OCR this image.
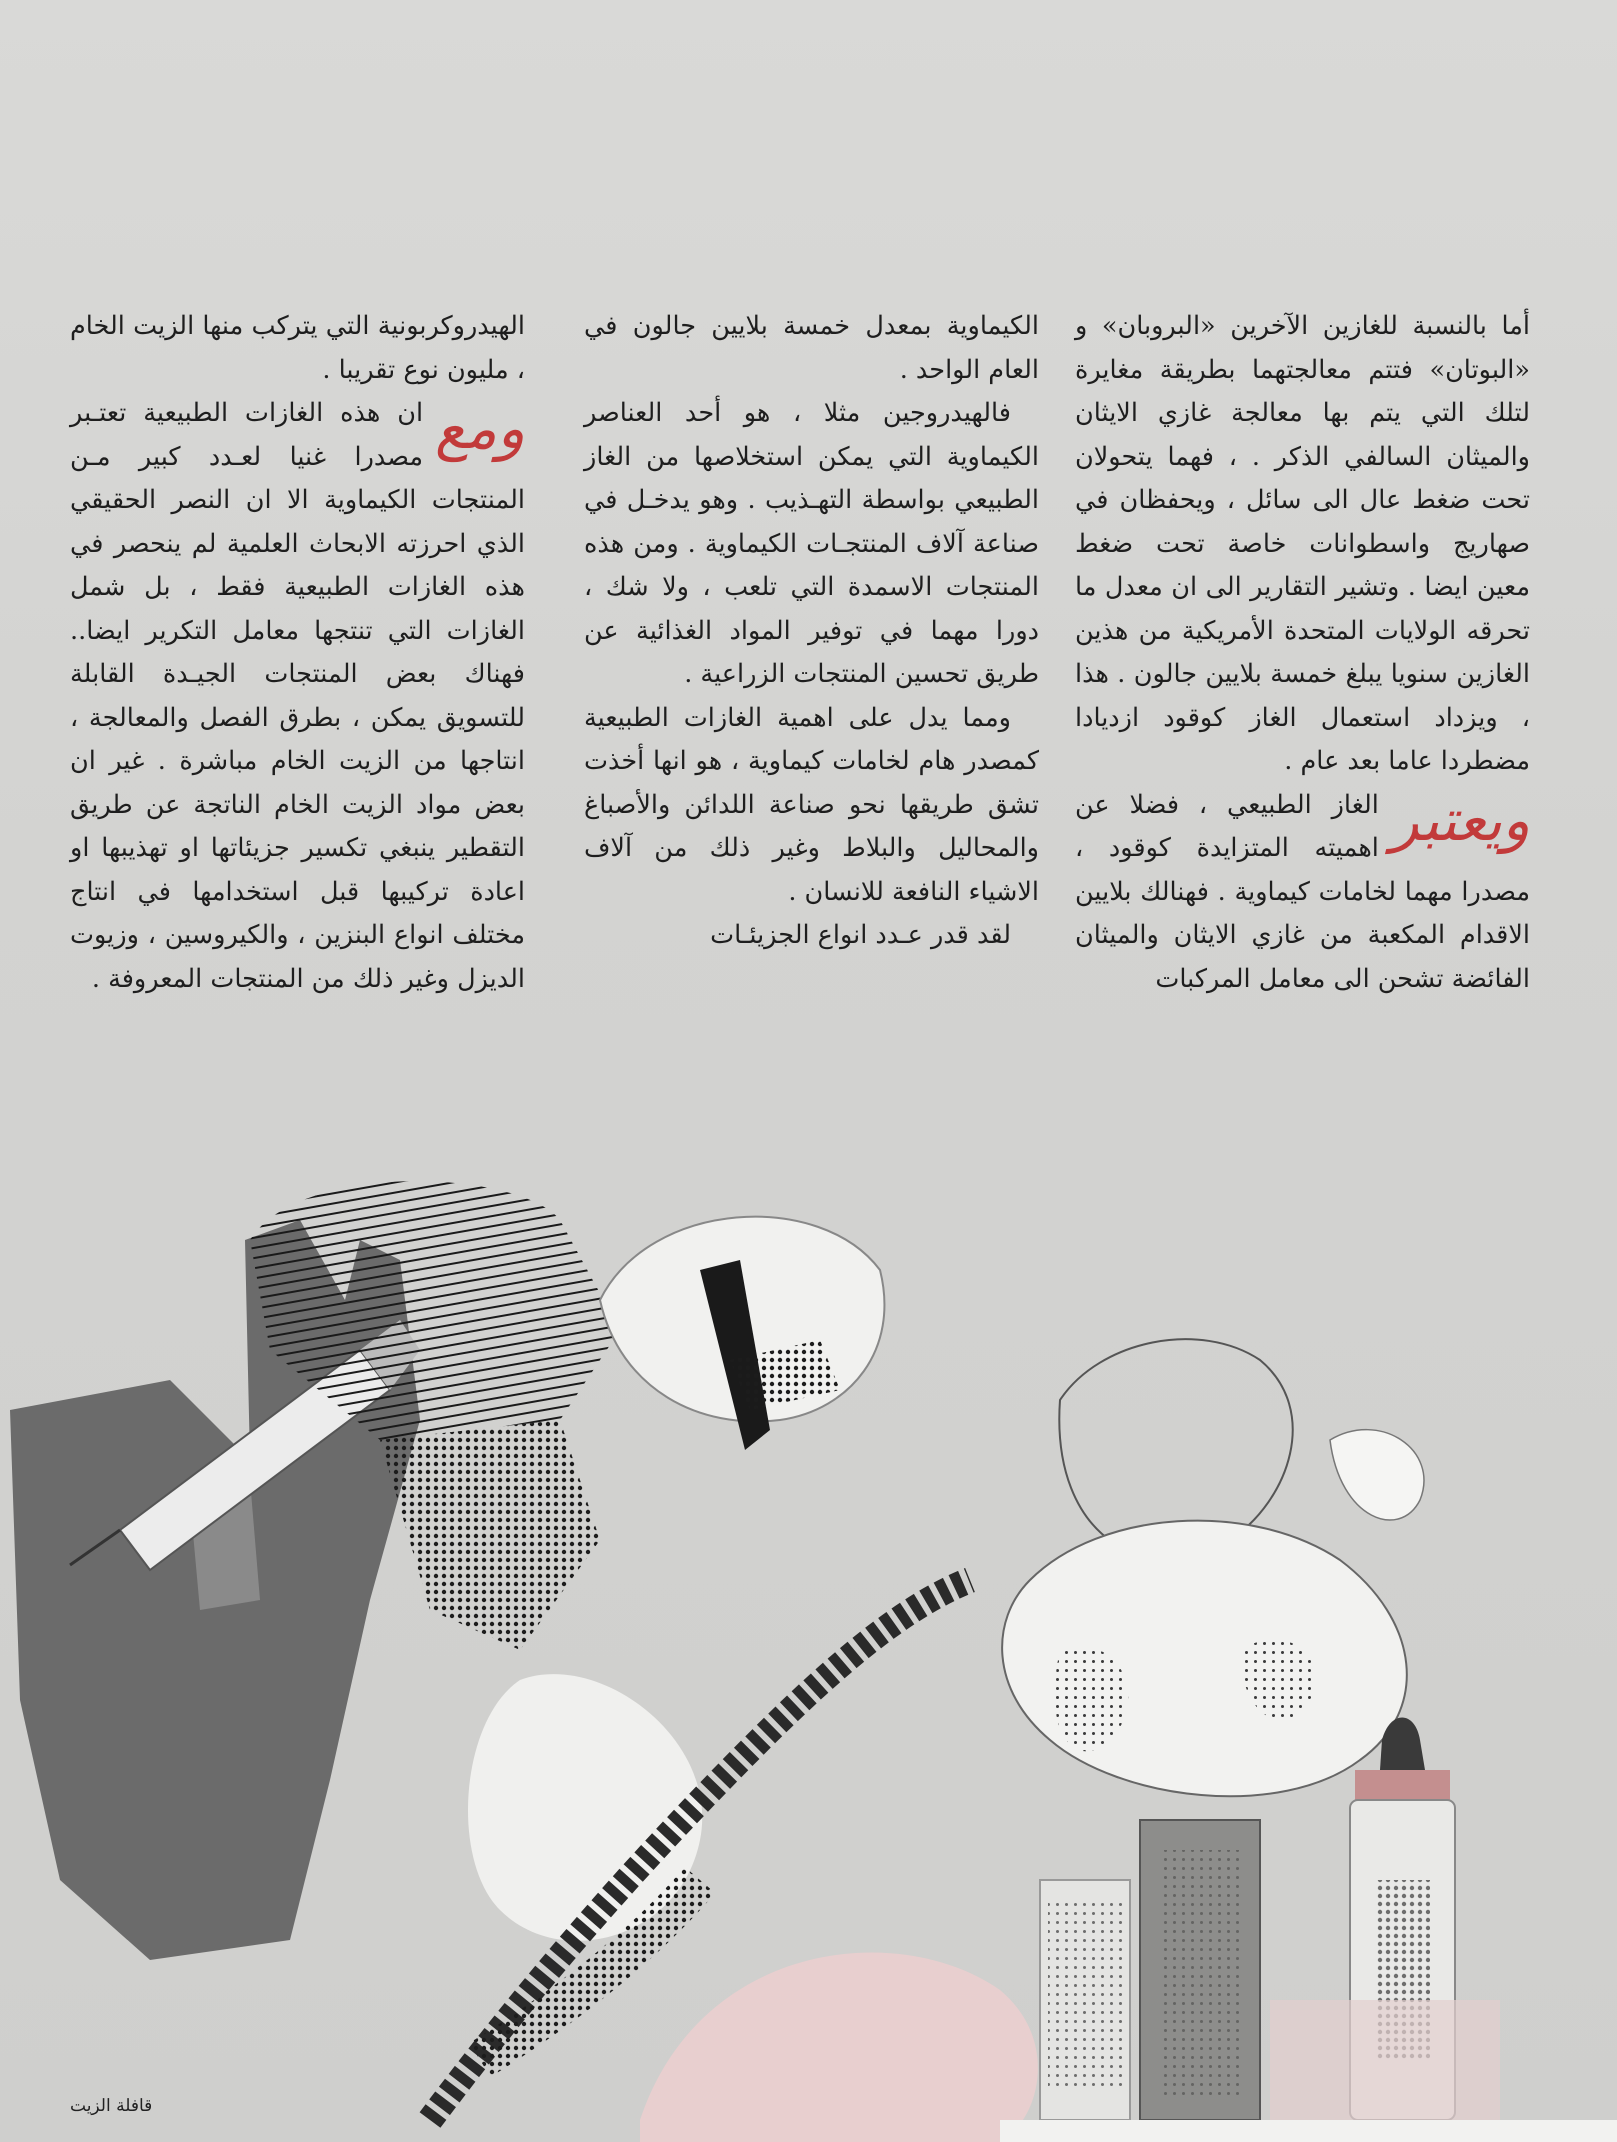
أما بالنسبة للغازين الآخرين «البروبان» و «البوتان» فتتم معالجتهما بطريقة مغايرة لتلك التي يتم بها معالجة غازي الايثان والميثان السالفي الذكر . ، فهما يتحولان تحت ضغط عال الى سائل ، ويحفظان في صهاريج واسطوانات خاصة تحت ضغط معين ايضا . وتشير التقارير الى ان معدل ما تحرقه الولايات المتحدة الأمريكية من هذين الغازين سنويا يبلغ خمسة بلايين جالون . هذا ، ويزداد استعمال الغاز كوقود ازديادا مضطردا عاما بعد عام .

ويعتبر
الغاز الطبيعي ، فضلا عن اهميته المتزايدة كوقود ، مصدرا مهما لخامات كيماوية . فهنالك بلايين الاقدام المكعبة من غازي الايثان والميثان الفائضة تشحن الى معامل المركبات

الكيماوية بمعدل خمسة بلايين جالون في العام الواحد .

فالهيدروجين مثلا ، هو أحد العناصر الكيماوية التي يمكن استخلاصها من الغاز الطبيعي بواسطة التهـذيب . وهو يدخـل في صناعة آلاف المنتجـات الكيماوية . ومن هذه المنتجات الاسمدة التي تلعب ، ولا شك ، دورا مهما في توفير المواد الغذائية عن طريق تحسين المنتجات الزراعية .

ومما يدل على اهمية الغازات الطبيعية كمصدر هام لخامات كيماوية ، هو انها أخذت تشق طريقها نحو صناعة اللدائن والأصباغ والمحاليل والبلاط وغير ذلك من آلاف الاشياء النافعة للانسان .

لقد قدر عـدد انواع الجزيئـات

الهيدروكربونية التي يتركب منها الزيت الخام ، مليون نوع تقريبا .

ومع
ان هذه الغازات الطبيعية تعتـبر مصدرا غنيا لعـدد كبير مـن المنتجات الكيماوية الا ان النصر الحقيقي الذي احرزته الابحاث العلمية لم ينحصر في هذه الغازات الطبيعية فقط ، بل شمل الغازات التي تنتجها معامل التكرير ايضا.. فهناك بعض المنتجات الجيـدة القابلة للتسويق يمكن ، بطرق الفصل والمعالجة ، انتاجها من الزيت الخام مباشرة . غير ان بعض مواد الزيت الخام الناتجة عن طريق التقطير ينبغي تكسير جزيئاتها او تهذيبها او اعادة تركيبها قبل استخدامها في انتاج مختلف انواع البنزين ، والكيروسين ، وزيوت الديزل وغير ذلك من المنتجات المعروفة .

قافلة الزيت
